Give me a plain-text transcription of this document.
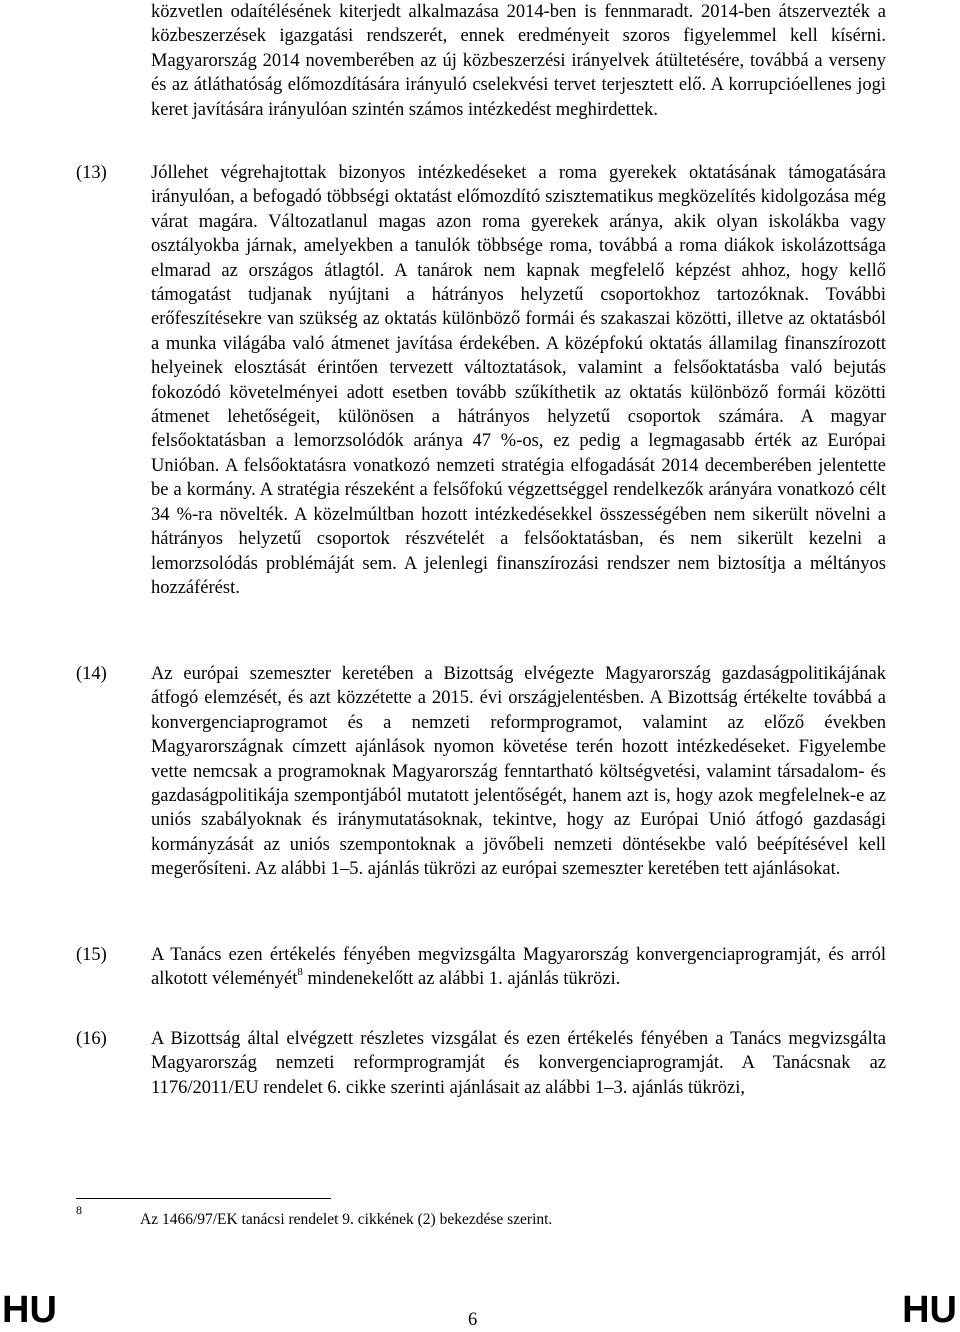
közvetlen odaítélésének kiterjedt alkalmazása 2014-ben is fennmaradt. 2014-ben átszervezték a közbeszerzések igazgatási rendszerét, ennek eredményeit szoros figyelemmel kell kísérni. Magyarország 2014 novemberében az új közbeszerzési irányelvek átültetésére, továbbá a verseny és az átláthatóság előmozdítására irányuló cselekvési tervet terjesztett elő. A korrupcióellenes jogi keret javítására irányulóan szintén számos intézkedést meghirdettek.
(13) Jóllehet végrehajtottak bizonyos intézkedéseket a roma gyerekek oktatásának támogatására irányulóan, a befogadó többségi oktatást előmozdító szisztematikus megközelítés kidolgozása még várat magára. Változatlanul magas azon roma gyerekek aránya, akik olyan iskolákba vagy osztályokba járnak, amelyekben a tanulók többsége roma, továbbá a roma diákok iskolázottsága elmarad az országos átlagtól. A tanárok nem kapnak megfelelő képzést ahhoz, hogy kellő támogatást tudjanak nyújtani a hátrányos helyzetű csoportokhoz tartozóknak. További erőfeszítésekre van szükség az oktatás különböző formái és szakaszai közötti, illetve az oktatásból a munka világába való átmenet javítása érdekében. A középfokú oktatás államilag finanszírozott helyeinek elosztását érintően tervezett változtatások, valamint a felsőoktatásba való bejutás fokozódó követelményei adott esetben tovább szűkíthetik az oktatás különböző formái közötti átmenet lehetőségeit, különösen a hátrányos helyzetű csoportok számára. A magyar felsőoktatásban a lemorzsolódók aránya 47 %-os, ez pedig a legmagasabb érték az Európai Unióban. A felsőoktatásra vonatkozó nemzeti stratégia elfogadását 2014 decemberében jelentette be a kormány. A stratégia részeként a felsőfokú végzettséggel rendelkezők arányára vonatkozó célt 34 %-ra növelték. A közelmúltban hozott intézkedésekkel összességében nem sikerült növelni a hátrányos helyzetű csoportok részvételét a felsőoktatásban, és nem sikerült kezelni a lemorzsolódás problémáját sem. A jelenlegi finanszírozási rendszer nem biztosítja a méltányos hozzáférést.
(14) Az európai szemeszter keretében a Bizottság elvégezte Magyarország gazdaságpolitikájának átfogó elemzését, és azt közzétette a 2015. évi országjelentésben. A Bizottság értékelte továbbá a konvergenciaprogramot és a nemzeti reformprogramot, valamint az előző években Magyarországnak címzett ajánlások nyomon követése terén hozott intézkedéseket. Figyelembe vette nemcsak a programoknak Magyarország fenntartható költségvetési, valamint társadalom- és gazdaságpolitikája szempontjából mutatott jelentőségét, hanem azt is, hogy azok megfelelnek-e az uniós szabályoknak és iránymutatásoknak, tekintve, hogy az Európai Unió átfogó gazdasági kormányzását az uniós szempontoknak a jövőbeli nemzeti döntésekbe való beépítésével kell megerősíteni. Az alábbi 1–5. ajánlás tükrözi az európai szemeszter keretében tett ajánlásokat.
(15) A Tanács ezen értékelés fényében megvizsgálta Magyarország konvergenciaprogramját, és arról alkotott véleményét$^8$ mindenekelőtt az alábbi 1. ajánlás tükrözi.
(16) A Bizottság által elvégzett részletes vizsgálat és ezen értékelés fényében a Tanács megvizsgálta Magyarország nemzeti reformprogramját és konvergenciaprogramját. A Tanácsnak az 1176/2011/EU rendelet 6. cikke szerinti ajánlásait az alábbi 1–3. ajánlás tükrözi,
8
Az 1466/97/EK tanácsi rendelet 9. cikkének (2) bekezdése szerint.
HU	6	HU
